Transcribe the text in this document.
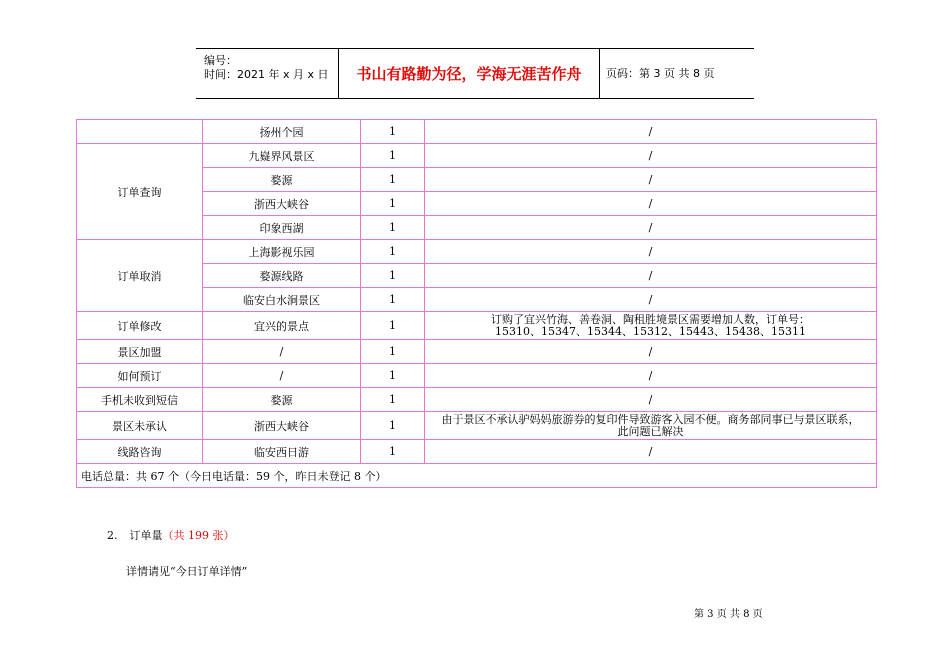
编号：
时间：2021 年 x 月 x 日	书山有路勤为径，学海无涯苦作舟	页码：第 3 页 共 8 页
	扬州个园	1	/
订单查询	九嶷界风景区	1	/
	婺源	1	/
	浙西大峡谷	1	/
	印象西湖	1	/
订单取消	上海影视乐园	1	/
	婺源线路	1	/
	临安白水涧景区	1	/
订单修改	宜兴的景点	1	订购了宜兴竹海、善卷洞、陶租胜境景区需要增加人数，订单号：
15310、15347、15344、15312、15443、15438、15311

景区加盟	/	1	/
如何预订	/	1	/
手机未收到短信	婺源	1	/
景区未承认	浙西大峡谷	1	由于景区不承认驴妈妈旅游券的复印件导致游客入园不便。商务部同事已与景区联系，
此问题已解决

线路咨询	临安西日游	1	/
电话总量：共 67 个（今日电话量：59 个，昨日未登记 8 个）			
2. 订单量（共 199 张）
详情请见“今日订单详情”
第 3 页 共 8 页
